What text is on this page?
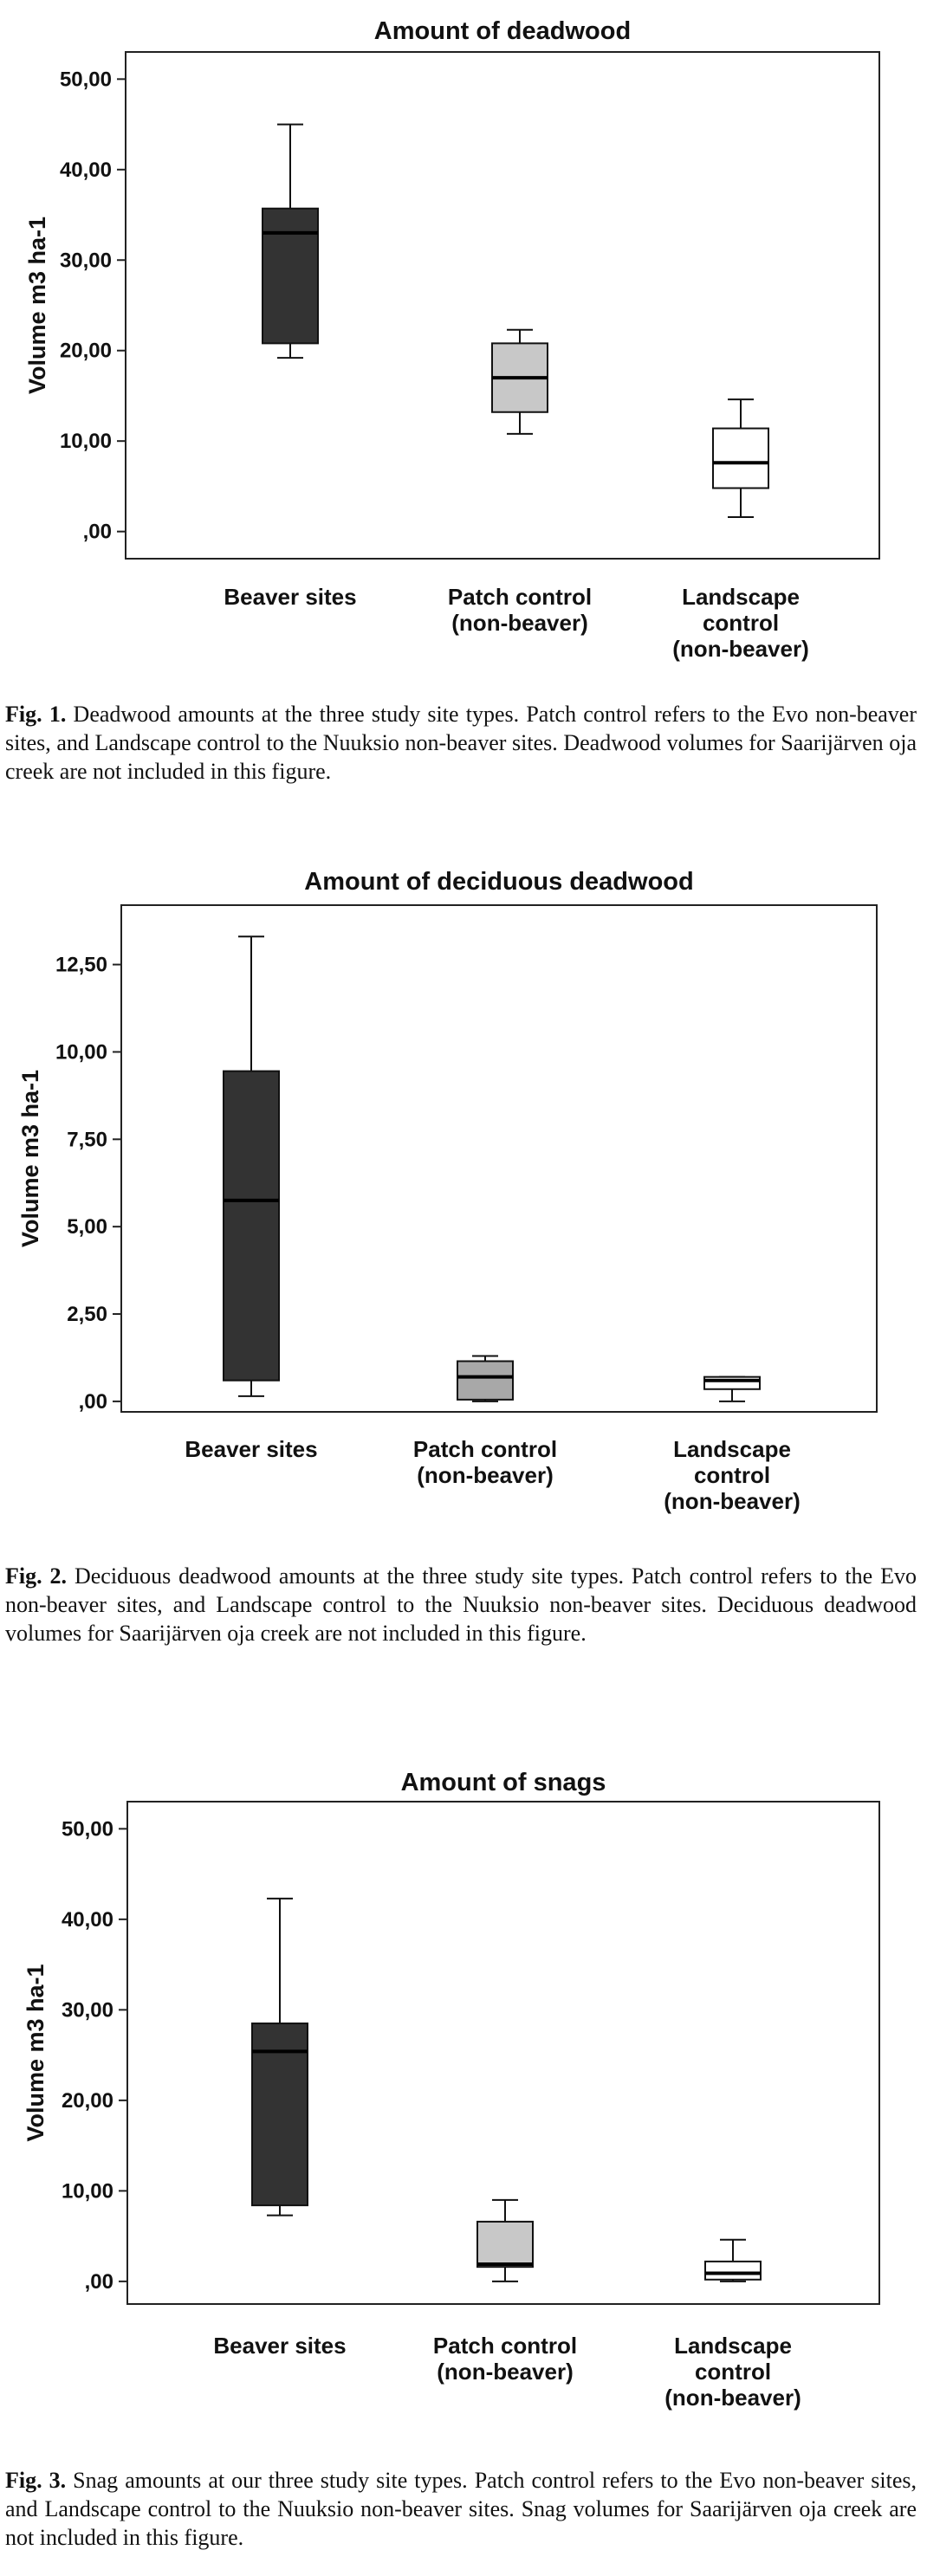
Amount of deadwood
Volume m3 ha-1
,00
10,00
20,00
30,00
40,00
50,00
Beaver sites	Patch control
(non-beaver)
Landscape
control
(non-beaver)
Fig. 1. Deadwood amounts at the three study site types. Patch control refers to the Evo non-beaver sites, and Landscape control to the Nuuksio non-beaver sites. Deadwood volumes for Saarijärven oja creek are not included in this figure.
Amount of deciduous deadwood
Volume m3 ha-1
,00
2,50
5,00
7,50
10,00
12,50
Beaver sites	Patch control
(non-beaver)
Landscape
control
(non-beaver)
Fig. 2. Deciduous deadwood amounts at the three study site types. Patch control refers to the Evo non-beaver sites, and Landscape control to the Nuuksio non-beaver sites. Deciduous deadwood volumes for Saarijärven oja creek are not included in this figure.
Amount of snags
Volume m3 ha-1
,00
10,00
20,00
30,00
40,00
50,00
Beaver sites	Patch control
(non-beaver)
Landscape
control
(non-beaver)
Fig. 3. Snag amounts at our three study site types. Patch control refers to the Evo non-beaver sites, and Landscape control to the Nuuksio non-beaver sites. Snag volumes for Saarijärven oja creek are not included in this figure.
